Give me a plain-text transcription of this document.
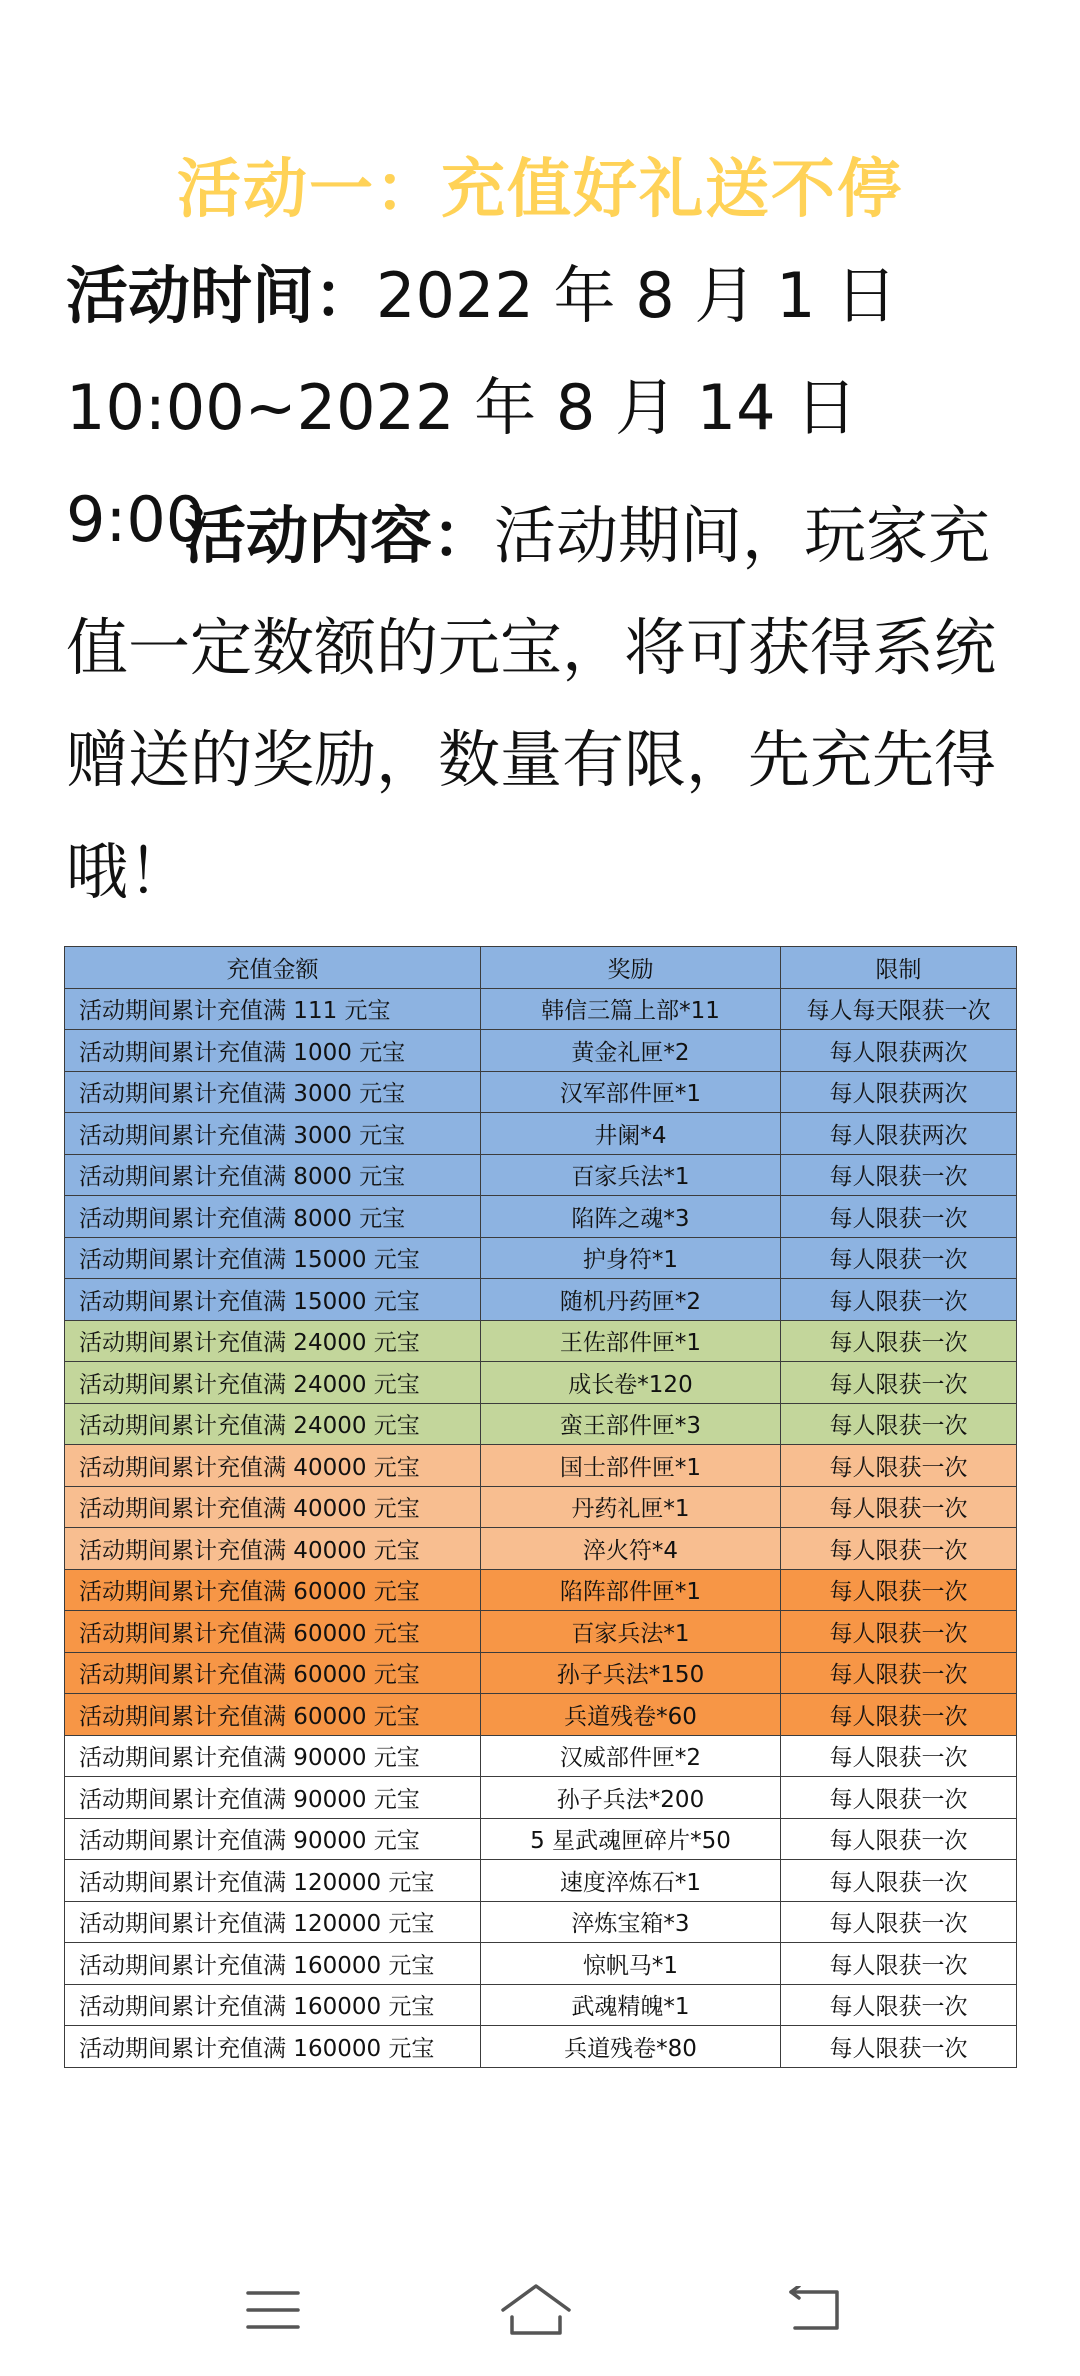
活动一：充值好礼送不停
活动时间：2022 年 8 月 1 日 10:00~2022 年 8 月 14 日 9:00
活动内容：活动期间，玩家充值一定数额的元宝，将可获得系统赠送的奖励，数量有限，先充先得哦！
充值金额	奖励	限制
活动期间累计充值满 111 元宝	韩信三篇上部*11	每人每天限获一次
活动期间累计充值满 1000 元宝	黄金礼匣*2	每人限获两次
活动期间累计充值满 3000 元宝	汉军部件匣*1	每人限获两次
活动期间累计充值满 3000 元宝	井阑*4	每人限获两次
活动期间累计充值满 8000 元宝	百家兵法*1	每人限获一次
活动期间累计充值满 8000 元宝	陷阵之魂*3	每人限获一次
活动期间累计充值满 15000 元宝	护身符*1	每人限获一次
活动期间累计充值满 15000 元宝	随机丹药匣*2	每人限获一次
活动期间累计充值满 24000 元宝	王佐部件匣*1	每人限获一次
活动期间累计充值满 24000 元宝	成长卷*120	每人限获一次
活动期间累计充值满 24000 元宝	蛮王部件匣*3	每人限获一次
活动期间累计充值满 40000 元宝	国士部件匣*1	每人限获一次
活动期间累计充值满 40000 元宝	丹药礼匣*1	每人限获一次
活动期间累计充值满 40000 元宝	淬火符*4	每人限获一次
活动期间累计充值满 60000 元宝	陷阵部件匣*1	每人限获一次
活动期间累计充值满 60000 元宝	百家兵法*1	每人限获一次
活动期间累计充值满 60000 元宝	孙子兵法*150	每人限获一次
活动期间累计充值满 60000 元宝	兵道残卷*60	每人限获一次
活动期间累计充值满 90000 元宝	汉威部件匣*2	每人限获一次
活动期间累计充值满 90000 元宝	孙子兵法*200	每人限获一次
活动期间累计充值满 90000 元宝	5 星武魂匣碎片*50	每人限获一次
活动期间累计充值满 120000 元宝	速度淬炼石*1	每人限获一次
活动期间累计充值满 120000 元宝	淬炼宝箱*3	每人限获一次
活动期间累计充值满 160000 元宝	惊帆马*1	每人限获一次
活动期间累计充值满 160000 元宝	武魂精魄*1	每人限获一次
活动期间累计充值满 160000 元宝	兵道残卷*80	每人限获一次
